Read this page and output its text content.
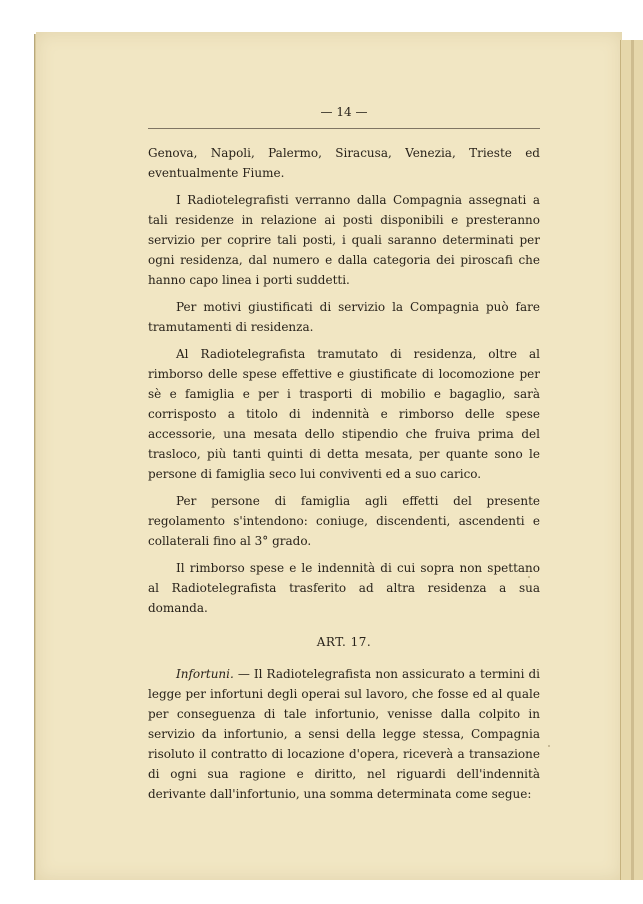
— 14 —

Genova, Napoli, Palermo, Siracusa, Venezia, Trieste ed eventualmente Fiume.

I Radiotelegrafisti verranno dalla Compagnia assegnati a tali residenze in relazione ai posti disponibili e presteranno servizio per coprire tali posti, i quali saranno determinati per ogni residenza, dal numero e dalla categoria dei piroscafi che hanno capo linea i porti suddetti.

Per motivi giustificati di servizio la Compagnia può fare tramutamenti di residenza.

Al Radiotelegrafista tramutato di residenza, oltre al rimborso delle spese effettive e giustificate di locomozione per sè e famiglia e per i trasporti di mobilio e bagaglio, sarà corrisposto a titolo di indennità e rimborso delle spese accessorie, una mesata dello stipendio che fruiva prima del trasloco, più tanti quinti di detta mesata, per quante sono le persone di famiglia seco lui conviventi ed a suo carico.

Per persone di famiglia agli effetti del presente regolamento s'intendono: coniuge, discendenti, ascendenti e collaterali fino al 3° grado.

Il rimborso spese e le indennità di cui sopra non spettano al Radiotelegrafista trasferito ad altra residenza a sua domanda.

ART. 17.

Infortuni. — Il Radiotelegrafista non assicurato a termini di legge per infortuni degli operai sul lavoro, che fosse ed al quale per conseguenza di tale infortunio, venisse dalla colpito in servizio da infortunio, a sensi della legge stessa, Compagnia risoluto il contratto di locazione d'opera, riceverà a transazione di ogni sua ragione e diritto, nel riguardi dell'indennità derivante dall'infortunio, una somma determinata come segue:
